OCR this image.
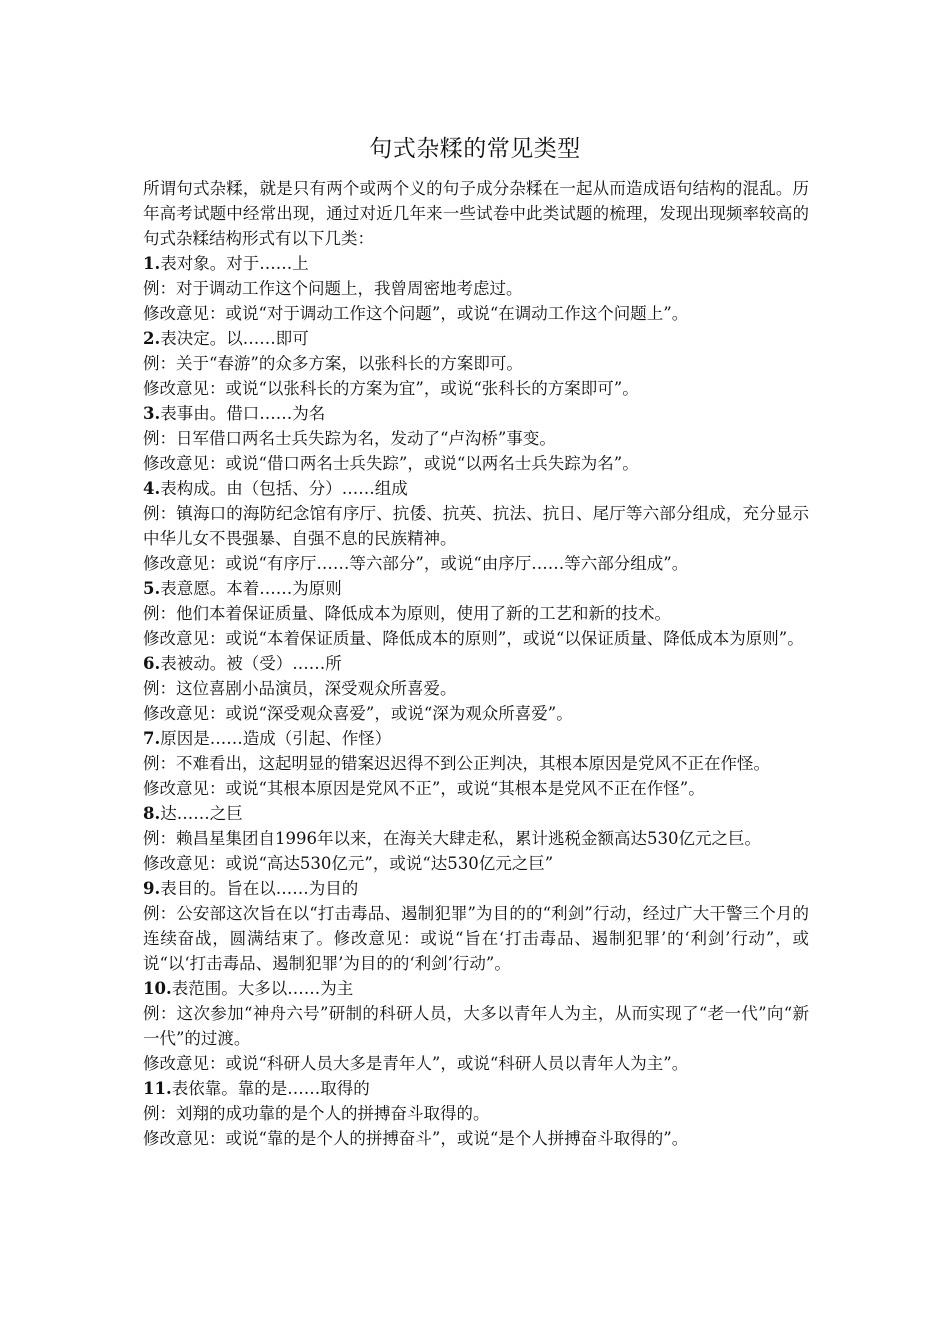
句式杂糅的常见类型

所谓句式杂糅，就是只有两个或两个义的句子成分杂糅在一起从而造成语句结构的混乱。历年高考试题中经常出现，通过对近几年来一些试卷中此类试题的梳理，发现出现频率较高的句式杂糅结构形式有以下几类：

1.表对象。对于……上

例：对于调动工作这个问题上，我曾周密地考虑过。

修改意见：或说“对于调动工作这个问题”，或说“在调动工作这个问题上”。

2.表决定。以……即可

例：关于“春游”的众多方案，以张科长的方案即可。

修改意见：或说“以张科长的方案为宜”，或说“张科长的方案即可”。

3.表事由。借口……为名

例：日军借口两名士兵失踪为名，发动了“卢沟桥”事变。

修改意见：或说“借口两名士兵失踪”，或说“以两名士兵失踪为名”。

4.表构成。由（包括、分）……组成

例：镇海口的海防纪念馆有序厅、抗倭、抗英、抗法、抗日、尾厅等六部分组成，充分显示中华儿女不畏强暴、自强不息的民族精神。

修改意见：或说“有序厅……等六部分”，或说“由序厅……等六部分组成”。

5.表意愿。本着……为原则

例：他们本着保证质量、降低成本为原则，使用了新的工艺和新的技术。

修改意见：或说“本着保证质量、降低成本的原则”，或说“以保证质量、降低成本为原则”。

6.表被动。被（受）……所

例：这位喜剧小品演员，深受观众所喜爱。

修改意见：或说“深受观众喜爱”，或说“深为观众所喜爱”。

7.原因是……造成（引起、作怪）

例：不难看出，这起明显的错案迟迟得不到公正判决，其根本原因是党风不正在作怪。

修改意见：或说“其根本原因是党风不正”，或说“其根本是党风不正在作怪”。

8.达……之巨

例：赖昌星集团自1996年以来，在海关大肆走私，累计逃税金额高达530亿元之巨。

修改意见：或说“高达530亿元”，或说“达530亿元之巨”

9.表目的。旨在以……为目的

例：公安部这次旨在以“打击毒品、遏制犯罪”为目的的“利剑”行动，经过广大干警三个月的连续奋战，圆满结束了。修改意见：或说“旨在‘打击毒品、遏制犯罪’的‘利剑’行动”，或说“以‘打击毒品、遏制犯罪’为目的的‘利剑’行动”。

10.表范围。大多以……为主

例：这次参加“神舟六号”研制的科研人员，大多以青年人为主，从而实现了“老一代”向“新一代”的过渡。

修改意见：或说“科研人员大多是青年人”，或说“科研人员以青年人为主”。

11.表依靠。靠的是……取得的

例：刘翔的成功靠的是个人的拼搏奋斗取得的。

修改意见：或说“靠的是个人的拼搏奋斗”，或说“是个人拼搏奋斗取得的”。
